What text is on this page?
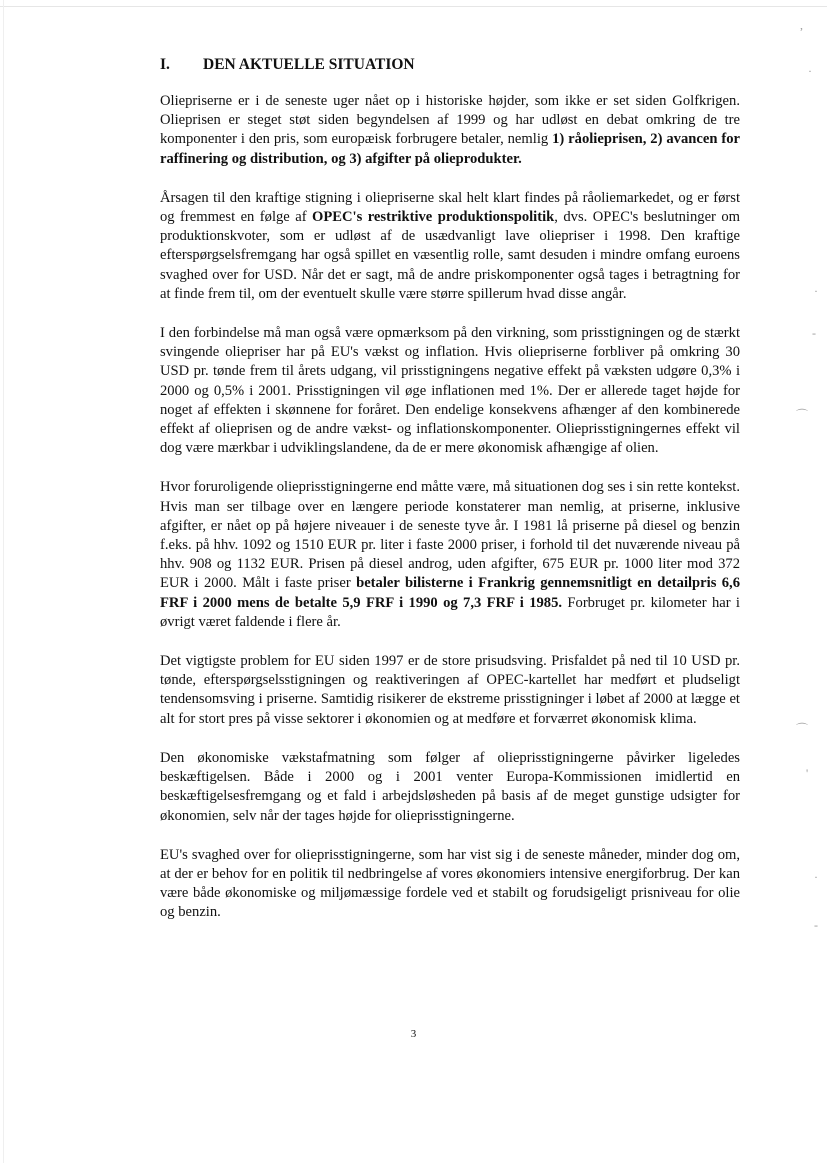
I.	DEN AKTUELLE SITUATION

Oliepriserne er i de seneste uger nået op i historiske højder, som ikke er set siden Golfkrigen. Olieprisen er steget støt siden begyndelsen af 1999 og har udløst en debat omkring de tre komponenter i den pris, som europæisk forbrugere betaler, nemlig 1) råolieprisen, 2) avancen for raffinering og distribution, og 3) afgifter på olieprodukter.

Årsagen til den kraftige stigning i oliepriserne skal helt klart findes på råoliemarkedet, og er først og fremmest en følge af OPEC's restriktive produktionspolitik, dvs. OPEC's beslutninger om produktionskvoter, som er udløst af de usædvanligt lave oliepriser i 1998. Den kraftige efterspørgselsfremgang har også spillet en væsentlig rolle, samt desuden i mindre omfang euroens svaghed over for USD. Når det er sagt, må de andre priskomponenter også tages i betragtning for at finde frem til, om der eventuelt skulle være større spillerum hvad disse angår.

I den forbindelse må man også være opmærksom på den virkning, som prisstigningen og de stærkt svingende oliepriser har på EU's vækst og inflation. Hvis oliepriserne forbliver på omkring 30 USD pr. tønde frem til årets udgang, vil prisstigningens negative effekt på væksten udgøre 0,3% i 2000 og 0,5% i 2001. Prisstigningen vil øge inflationen med 1%. Der er allerede taget højde for noget af effekten i skønnene for foråret. Den endelige konsekvens afhænger af den kombinerede effekt af olieprisen og de andre vækst- og inflationskomponenter. Olieprisstigningernes effekt vil dog være mærkbar i udviklingslandene, da de er mere økonomisk afhængige af olien.

Hvor foruroligende olieprisstigningerne end måtte være, må situationen dog ses i sin rette kontekst. Hvis man ser tilbage over en længere periode konstaterer man nemlig, at priserne, inklusive afgifter, er nået op på højere niveauer i de seneste tyve år. I 1981 lå priserne på diesel og benzin f.eks. på hhv. 1092 og 1510 EUR pr. liter i faste 2000 priser, i forhold til det nuværende niveau på hhv. 908 og 1132 EUR. Prisen på diesel androg, uden afgifter, 675 EUR pr. 1000 liter mod 372 EUR i 2000. Målt i faste priser betaler bilisterne i Frankrig gennemsnitligt en detailpris 6,6 FRF i 2000 mens de betalte 5,9 FRF i 1990 og 7,3 FRF i 1985. Forbruget pr. kilometer har i øvrigt været faldende i flere år.

Det vigtigste problem for EU siden 1997 er de store prisudsving. Prisfaldet på ned til 10 USD pr. tønde, efterspørgselsstigningen og reaktiveringen af OPEC-kartellet har medført et pludseligt tendensomsving i priserne. Samtidig risikerer de ekstreme prisstigninger i løbet af 2000 at lægge et alt for stort pres på visse sektorer i økonomien og at medføre et forværret økonomisk klima.

Den økonomiske vækstafmatning som følger af olieprisstigningerne påvirker ligeledes beskæftigelsen. Både i 2000 og i 2001 venter Europa-Kommissionen imidlertid en beskæftigelsesfremgang og et fald i arbejdsløsheden på basis af de meget gunstige udsigter for økonomien, selv når der tages højde for olieprisstigningerne.

EU's svaghed over for olieprisstigningerne, som har vist sig i de seneste måneder, minder dog om, at der er behov for en politik til nedbringelse af vores økonomiers intensive energiforbrug. Der kan være både økonomiske og miljømæssige fordele ved et stabilt og forudsigeligt prisniveau for olie og benzin.

3
,
·
·
-
⌒
⌒
'
·
-
